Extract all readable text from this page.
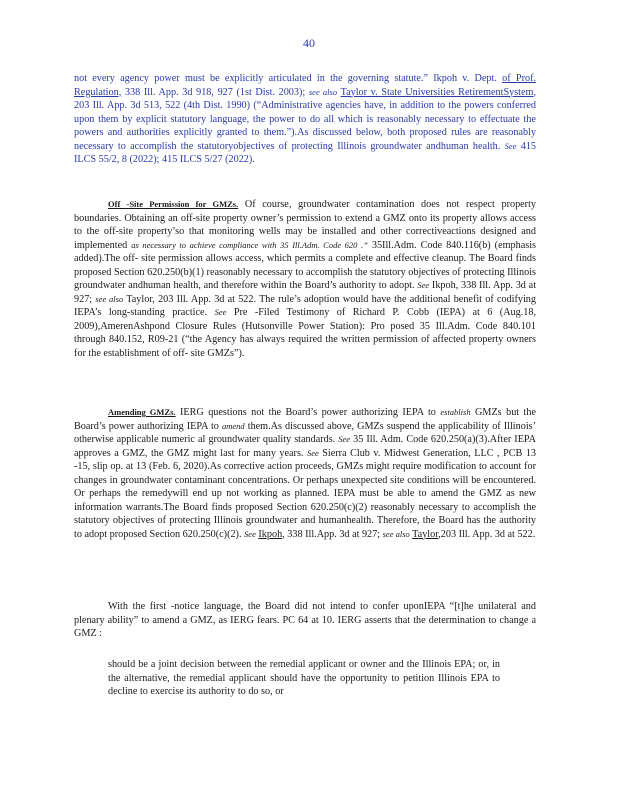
40
not every agency power must be explicitly articulated in the governing statute.” Ikpoh v. Dept. of Prof. Regulation, 338 Ill. App. 3d 918, 927 (1st Dist. 2003); see also Taylor v. State Universities RetirementSystem, 203 Ill. App. 3d 513, 522 (4th Dist. 1990) (“Administrative agencies have, in addition to the powers conferred upon them by explicit statutory language, the power to do all which is reasonably necessary to effectuate the powers and authorities explicitly granted to them.”).As discussed below, both proposed rules are reasonably necessary to accomplish the statutoryobjectives of protecting Illinois groundwater andhuman health. See 415 ILCS 55/2, 8 (2022); 415 ILCS 5/27 (2022).
Off -Site Permission for GMZs. Of course, groundwater contamination does not respect property boundaries. Obtaining an off-site property owner’s permission to extend a GMZ onto its property allows access to the off-site property’so that monitoring wells may be installed and other correctiveactions designed and implemented as necessary to achieve compliance with 35 Ill.Adm. Code 620 .” 35Ill.Adm. Code 840.116(b) (emphasis added).The off- site permission allows access, which permits a complete and effective cleanup. The Board finds proposed Section 620.250(b)(1) reasonably necessary to accomplish the statutory objectives of protecting Illinois groundwater andhuman health, and therefore within the Board’s authority to adopt. See Ikpoh, 338 Ill. App. 3d at 927; see also Taylor, 203 Ill. App. 3d at 522. The rule’s adoption would have the additional benefit of codifying IEPA’s long-standing practice. See Pre -Filed Testimony of Richard P. Cobb (IEPA) at 6 (Aug.18, 2009),AmerenAshpond Closure Rules (Hutsonville Power Station): Pro posed 35 Ill.Adm. Code 840.101 through 840.152, R09-21 (“the Agency has always required the written permission of affected property owners for the establishment of off- site GMZs”).
Amending GMZs. IERG questions not the Board’s power authorizing IEPA to establish GMZs but the Board’s power authorizing IEPA to amend them.As discussed above, GMZs suspend the applicability of Illinois’ otherwise applicable numeric al groundwater quality standards. See 35 Ill. Adm. Code 620.250(a)(3).After IEPA approves a GMZ, the GMZ might last for many years. See Sierra Club v. Midwest Generation, LLC , PCB 13 -15, slip op. at 13 (Feb. 6, 2020).As corrective action proceeds, GMZs might require modification to account for changes in groundwater contaminant concentrations. Or perhaps unexpected site conditions will be encountered. Or perhaps the remedywill end up not working as planned. IEPA must be able to amend the GMZ as new information warrants.The Board finds proposed Section 620.250(c)(2) reasonably necessary to accomplish the statutory objectives of protecting Illinois groundwater and humanhealth. Therefore, the Board has the authority to adopt proposed Section 620.250(c)(2). See Ikpoh, 338 Ill.App. 3d at 927; see also Taylor,203 Ill. App. 3d at 522.
With the first -notice language, the Board did not intend to confer uponIEPA “[t]he unilateral and plenary ability” to amend a GMZ, as IERG fears. PC 64 at 10. IERG asserts that the determination to change a GMZ :
should be a joint decision between the remedial applicant or owner and the Illinois EPA; or, in the alternative, the remedial applicant should have the opportunity to petition Illinois EPA to decline to exercise its authority to do so, or
